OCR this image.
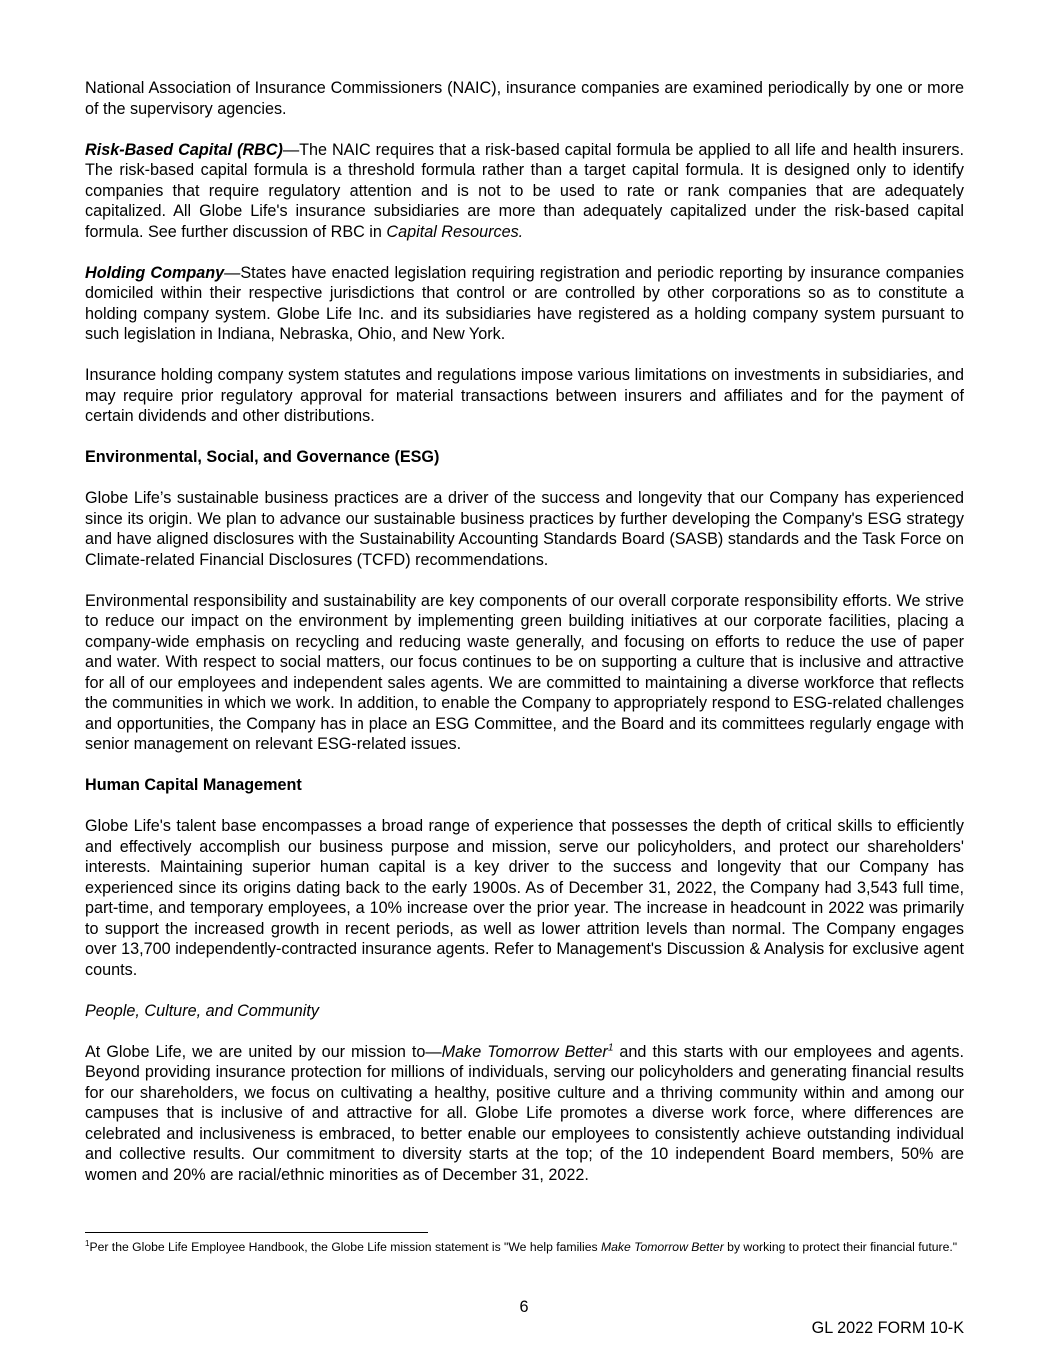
National Association of Insurance Commissioners (NAIC), insurance companies are examined periodically by one or more of the supervisory agencies.

Risk-Based Capital (RBC)—The NAIC requires that a risk-based capital formula be applied to all life and health insurers. The risk-based capital formula is a threshold formula rather than a target capital formula. It is designed only to identify companies that require regulatory attention and is not to be used to rate or rank companies that are adequately capitalized. All Globe Life's insurance subsidiaries are more than adequately capitalized under the risk-based capital formula. See further discussion of RBC in Capital Resources.

Holding Company—States have enacted legislation requiring registration and periodic reporting by insurance companies domiciled within their respective jurisdictions that control or are controlled by other corporations so as to constitute a holding company system. Globe Life Inc. and its subsidiaries have registered as a holding company system pursuant to such legislation in Indiana, Nebraska, Ohio, and New York.

Insurance holding company system statutes and regulations impose various limitations on investments in subsidiaries, and may require prior regulatory approval for material transactions between insurers and affiliates and for the payment of certain dividends and other distributions.

Environmental, Social, and Governance (ESG)

Globe Life’s sustainable business practices are a driver of the success and longevity that our Company has experienced since its origin. We plan to advance our sustainable business practices by further developing the Company's ESG strategy and have aligned disclosures with the Sustainability Accounting Standards Board (SASB) standards and the Task Force on Climate-related Financial Disclosures (TCFD) recommendations.

Environmental responsibility and sustainability are key components of our overall corporate responsibility efforts. We strive to reduce our impact on the environment by implementing green building initiatives at our corporate facilities, placing a company-wide emphasis on recycling and reducing waste generally, and focusing on efforts to reduce the use of paper and water. With respect to social matters, our focus continues to be on supporting a culture that is inclusive and attractive for all of our employees and independent sales agents. We are committed to maintaining a diverse workforce that reflects the communities in which we work. In addition, to enable the Company to appropriately respond to ESG-related challenges and opportunities, the Company has in place an ESG Committee, and the Board and its committees regularly engage with senior management on relevant ESG-related issues.

Human Capital Management

Globe Life's talent base encompasses a broad range of experience that possesses the depth of critical skills to efficiently and effectively accomplish our business purpose and mission, serve our policyholders, and protect our shareholders' interests. Maintaining superior human capital is a key driver to the success and longevity that our Company has experienced since its origins dating back to the early 1900s. As of December 31, 2022, the Company had 3,543 full time, part-time, and temporary employees, a 10% increase over the prior year. The increase in headcount in 2022 was primarily to support the increased growth in recent periods, as well as lower attrition levels than normal. The Company engages over 13,700 independently-contracted insurance agents. Refer to Management's Discussion & Analysis for exclusive agent counts.

People, Culture, and Community

At Globe Life, we are united by our mission to—Make Tomorrow Better$^1$ and this starts with our employees and agents. Beyond providing insurance protection for millions of individuals, serving our policyholders and generating financial results for our shareholders, we focus on cultivating a healthy, positive culture and a thriving community within and among our campuses that is inclusive of and attractive for all. Globe Life promotes a diverse work force, where differences are celebrated and inclusiveness is embraced, to better enable our employees to consistently achieve outstanding individual and collective results. Our commitment to diversity starts at the top; of the 10 independent Board members, 50% are women and 20% are racial/ethnic minorities as of December 31, 2022.

$^1$Per the Globe Life Employee Handbook, the Globe Life mission statement is "We help families Make Tomorrow Better by working to protect their financial future."
6
GL 2022 FORM 10-K
